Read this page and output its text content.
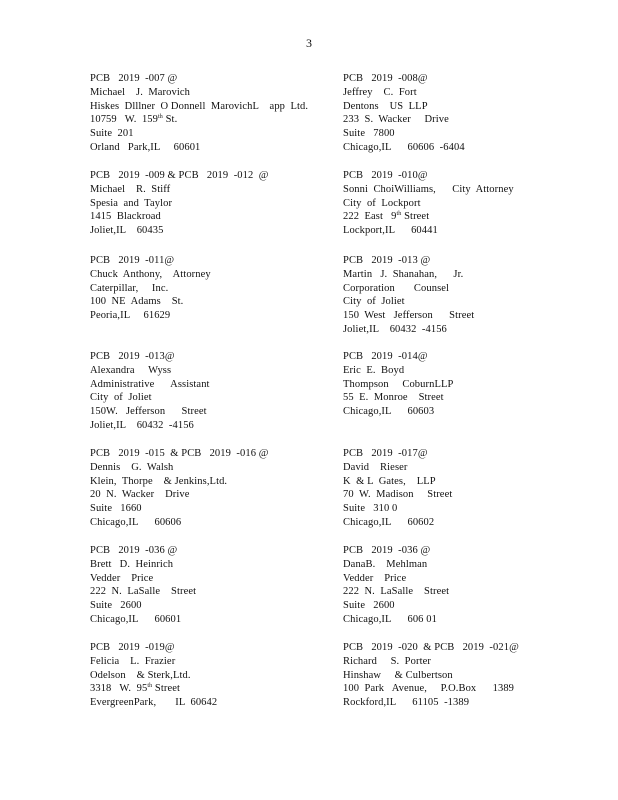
3
PCB   2019  -007 @
Michael    J.  Marovich
Hiskes  Dlllner  O Donnell  MarovichL    app  Ltd.
10759   W.  159th St.
Suite  201
Orland   Park,IL     60601
PCB   2019  -009 & PCB   2019  -012  @
Michael    R.  Stiff
Spesia  and  Taylor
1415  Blackroad
Joliet,IL    60435
PCB   2019  -011@
Chuck  Anthony,    Attorney
Caterpillar,     Inc.
100  NE  Adams    St.
Peoria,IL     61629
PCB   2019  -013@
Alexandra     Wyss
Administrative      Assistant
City  of  Joliet
150W.   Jefferson      Street
Joliet,IL    60432  -4156
PCB   2019  -015  & PCB   2019  -016 @
Dennis    G.  Walsh
Klein,  Thorpe    & Jenkins,Ltd.
20  N.  Wacker    Drive
Suite   1660
Chicago,IL      60606
PCB   2019  -036 @
Brett   D.  Heinrich
Vedder    Price
222  N.  LaSalle    Street
Suite   2600
Chicago,IL      60601
PCB   2019  -019@
Felicia    L.  Frazier
Odelson    & Sterk,Ltd.
3318   W.  95th Street
EvergreenPark,       IL  60642
PCB   2019  -008@
Jeffrey    C.  Fort
Dentons    US  LLP
233  S.  Wacker     Drive
Suite   7800
Chicago,IL      60606  -6404
PCB   2019  -010@
Sonni  ChoiWilliams,      City  Attorney
City  of  Lockport
222  East   9th Street
Lockport,IL      60441
PCB   2019  -013 @
Martin   J.  Shanahan,      Jr.
Corporation       Counsel
City  of  Joliet
150  West   Jefferson      Street
Joliet,IL    60432  -4156
PCB   2019  -014@
Eric  E.  Boyd
Thompson     CoburnLLP
55  E.  Monroe    Street
Chicago,IL      60603
PCB   2019  -017@
David    Rieser
K  & L  Gates,    LLP
70  W.  Madison     Street
Suite   310 0
Chicago,IL      60602
PCB   2019  -036 @
DanaB.    Mehlman
Vedder    Price
222  N.  LaSalle    Street
Suite   2600
Chicago,IL      606 01
PCB   2019  -020  & PCB   2019  -021@
Richard     S.  Porter
Hinshaw     & Culbertson
100  Park   Avenue,     P.O.Box      1389
Rockford,IL      61105  -1389
